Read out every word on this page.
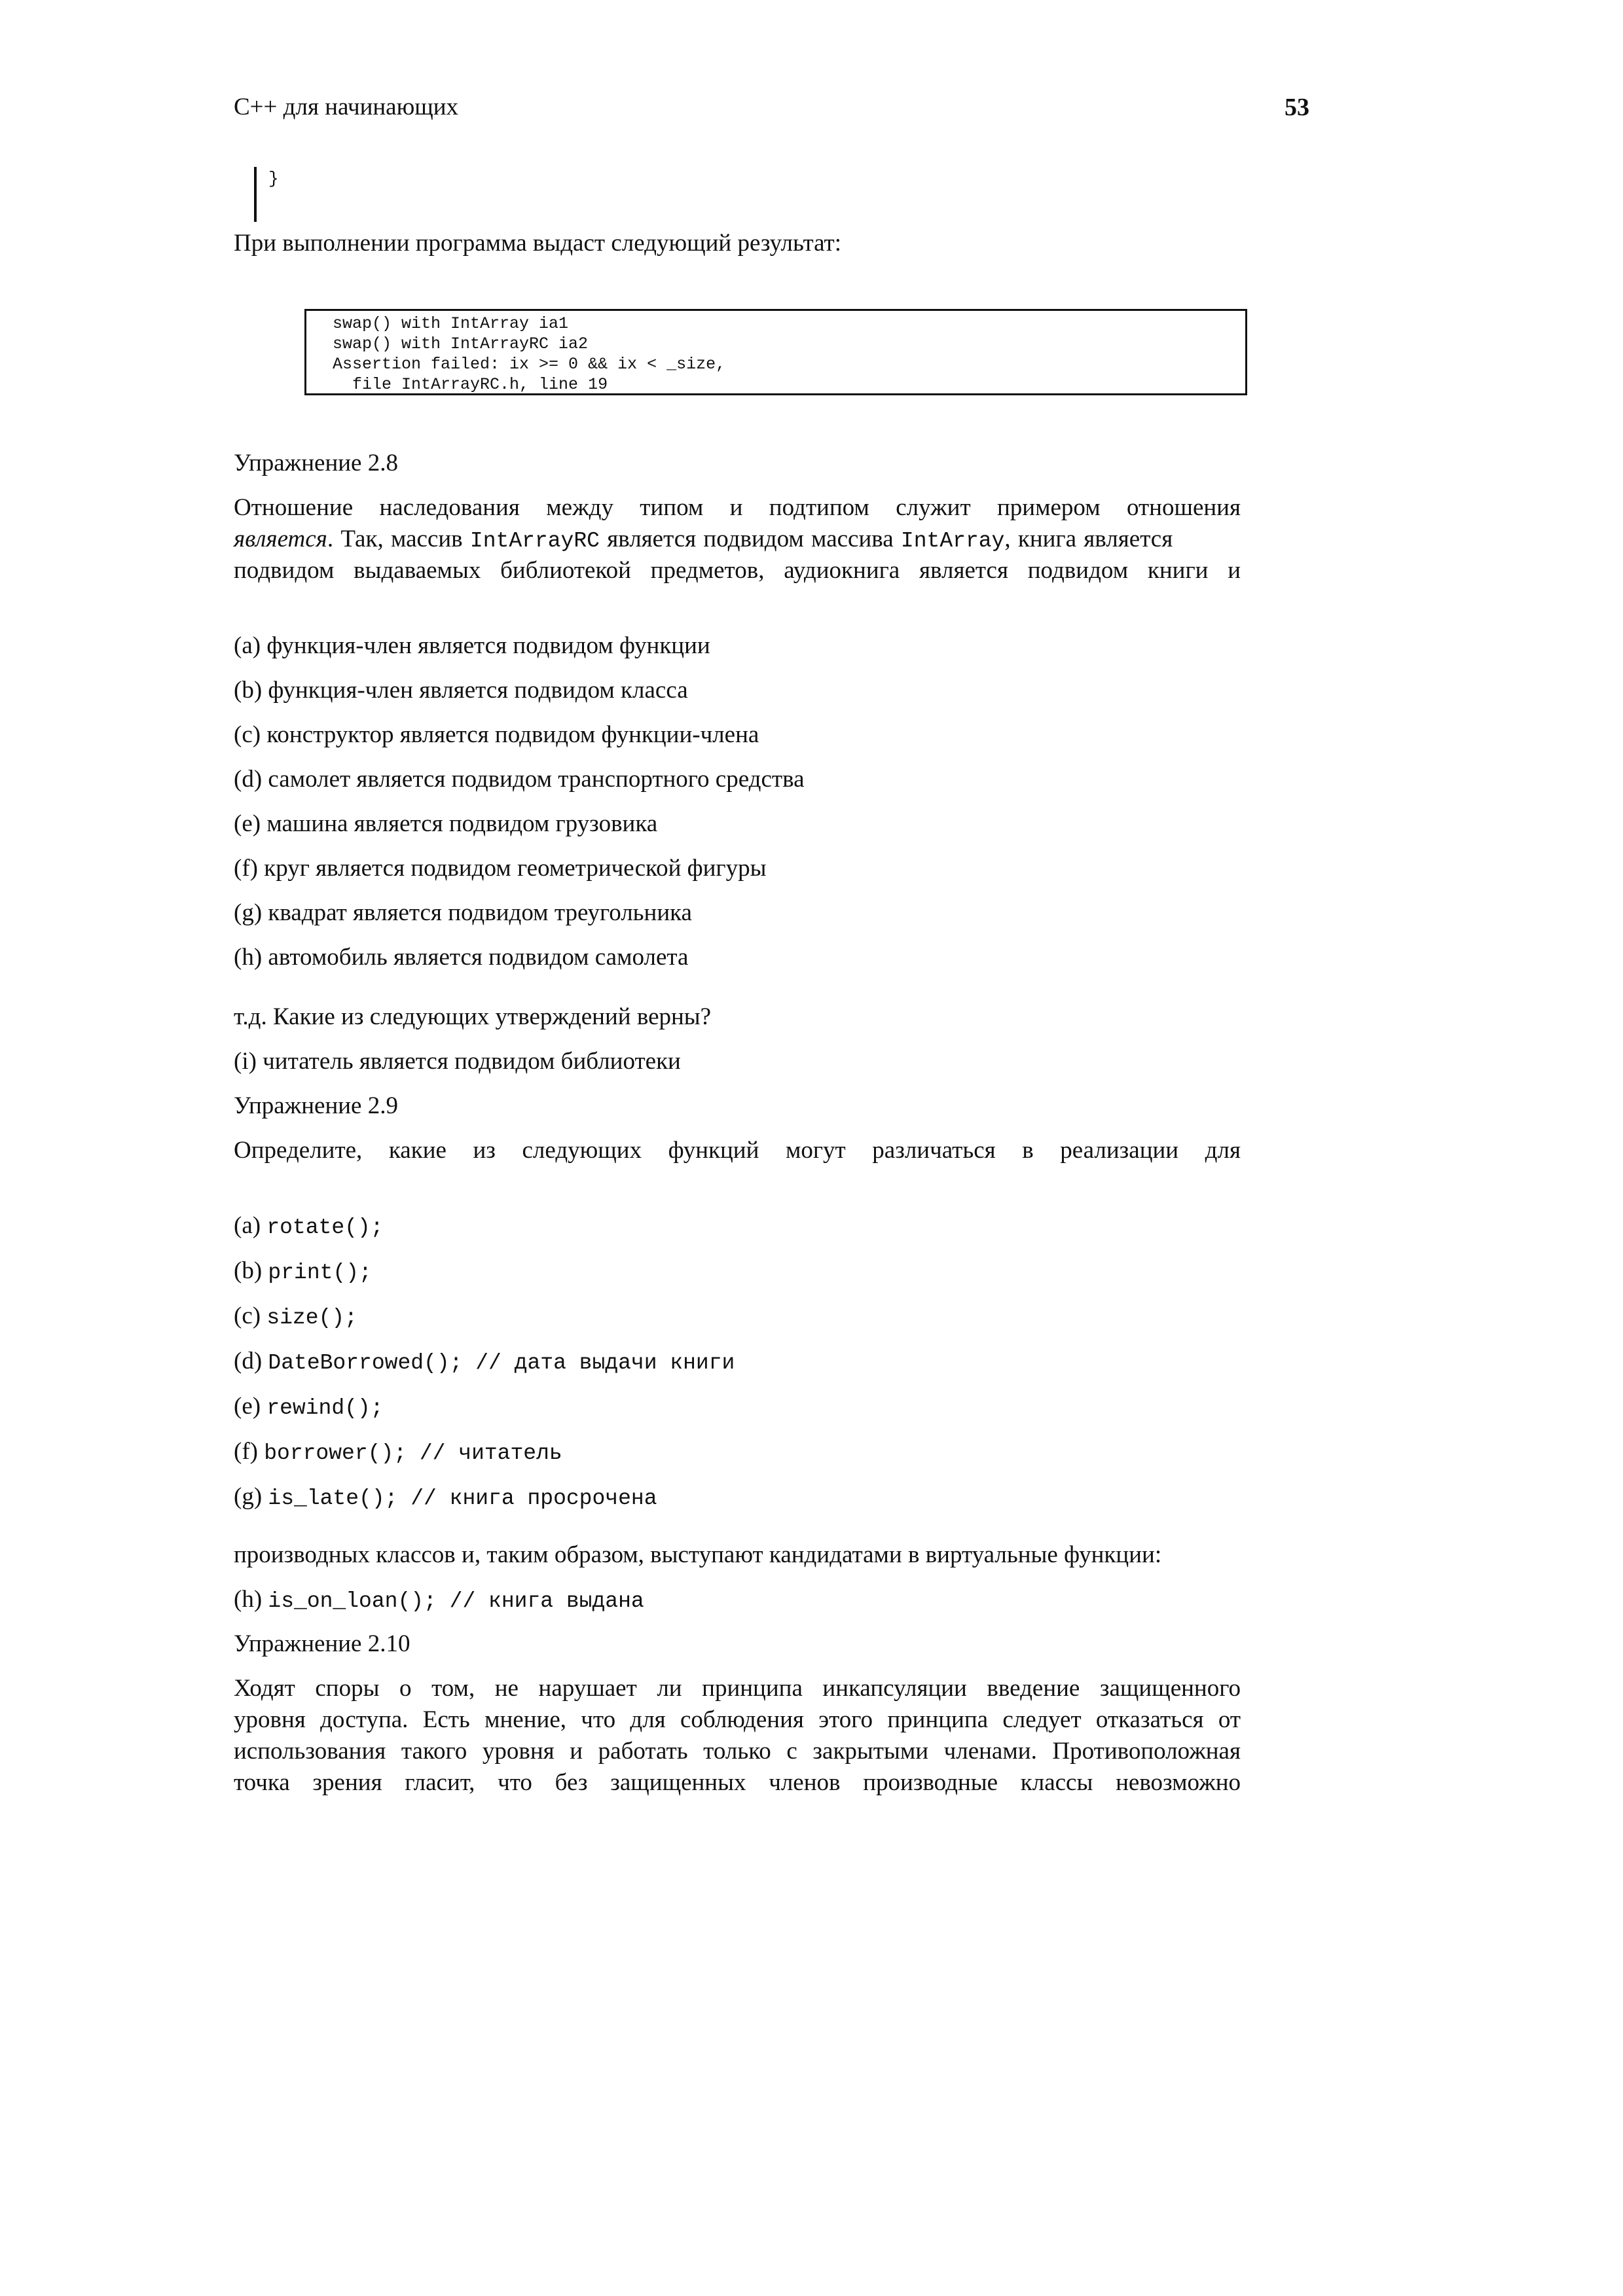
C++ для начинающих	53
}
При выполнении программа выдаст следующий результат:
swap() with IntArray ia1
swap() with IntArrayRC ia2
Assertion failed: ix >= 0 && ix < _size,
file IntArrayRC.h, line 19
Упражнение 2.8
Отношение наследования между типом и подтипом служит примером отношения
является. Так, массив IntArrayRC является подвидом массива IntArray, книга является
подвидом выдаваемых библиотекой предметов, аудиокнига является подвидом книги и
(a) функция-член является подвидом функции
(b) функция-член является подвидом класса
(c) конструктор является подвидом функции-члена
(d) самолет является подвидом транспортного средства
(e) машина является подвидом грузовика
(f) круг является подвидом геометрической фигуры
(g) квадрат является подвидом треугольника
(h) автомобиль является подвидом самолета
т.д. Какие из следующих утверждений верны?
(i) читатель является подвидом библиотеки
Упражнение 2.9
Определите, какие из следующих функций могут различаться в реализации для
(a) rotate();
(b) print();
(c) size();
(d) DateBorrowed(); // дата выдачи книги
(e) rewind();
(f) borrower(); // читатель
(g) is_late(); // книга просрочена
производных классов и, таким образом, выступают кандидатами в виртуальные функции:
(h) is_on_loan(); // книга выдана
Упражнение 2.10
Ходят споры о том, не нарушает ли принципа инкапсуляции введение защищенного
уровня доступа. Есть мнение, что для соблюдения этого принципа следует отказаться от
использования такого уровня и работать только с закрытыми членами. Противоположная
точка зрения гласит, что без защищенных членов производные классы невозможно
